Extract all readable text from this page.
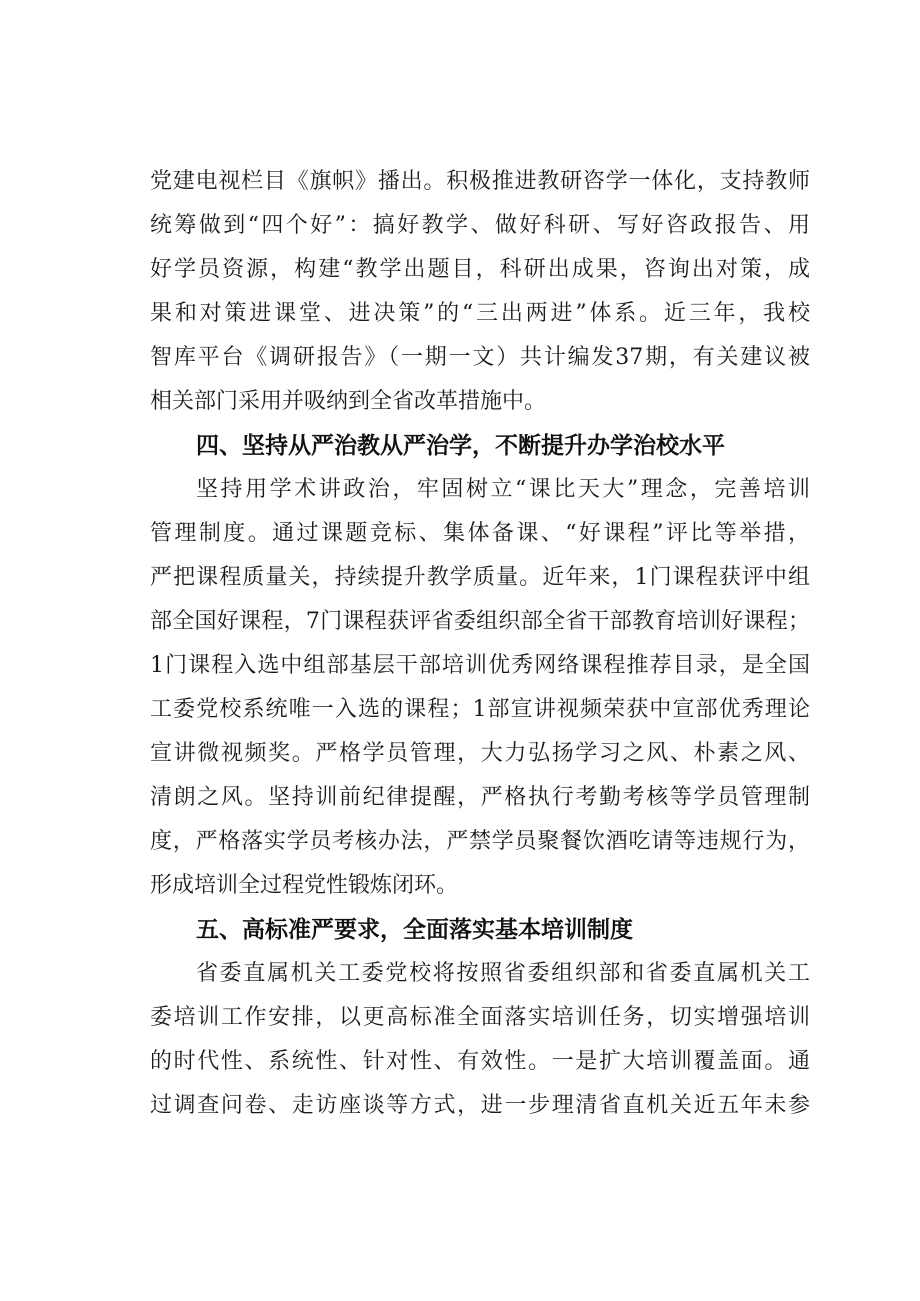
党建电视栏目《旗帜》播出。积极推进教研咨学一体化，支持教师
统筹做到“四个好”：搞好教学、做好科研、写好咨政报告、用
好学员资源，构建“教学出题目，科研出成果，咨询出对策，成
果和对策进课堂、进决策”的“三出两进”体系。近三年，我校
智库平台《调研报告》（一期一文）共计编发37期，有关建议被
相关部门采用并吸纳到全省改革措施中。
四、坚持从严治教从严治学，不断提升办学治校水平
坚持用学术讲政治，牢固树立“课比天大”理念，完善培训
管理制度。通过课题竞标、集体备课、“好课程”评比等举措，
严把课程质量关，持续提升教学质量。近年来，1门课程获评中组
部全国好课程，7门课程获评省委组织部全省干部教育培训好课程；
1门课程入选中组部基层干部培训优秀网络课程推荐目录，是全国
工委党校系统唯一入选的课程；1部宣讲视频荣获中宣部优秀理论
宣讲微视频奖。严格学员管理，大力弘扬学习之风、朴素之风、
清朗之风。坚持训前纪律提醒，严格执行考勤考核等学员管理制
度，严格落实学员考核办法，严禁学员聚餐饮酒吃请等违规行为，
形成培训全过程党性锻炼闭环。
五、高标准严要求，全面落实基本培训制度
省委直属机关工委党校将按照省委组织部和省委直属机关工
委培训工作安排，以更高标准全面落实培训任务，切实增强培训
的时代性、系统性、针对性、有效性。一是扩大培训覆盖面。通
过调查问卷、走访座谈等方式，进一步理清省直机关近五年未参
